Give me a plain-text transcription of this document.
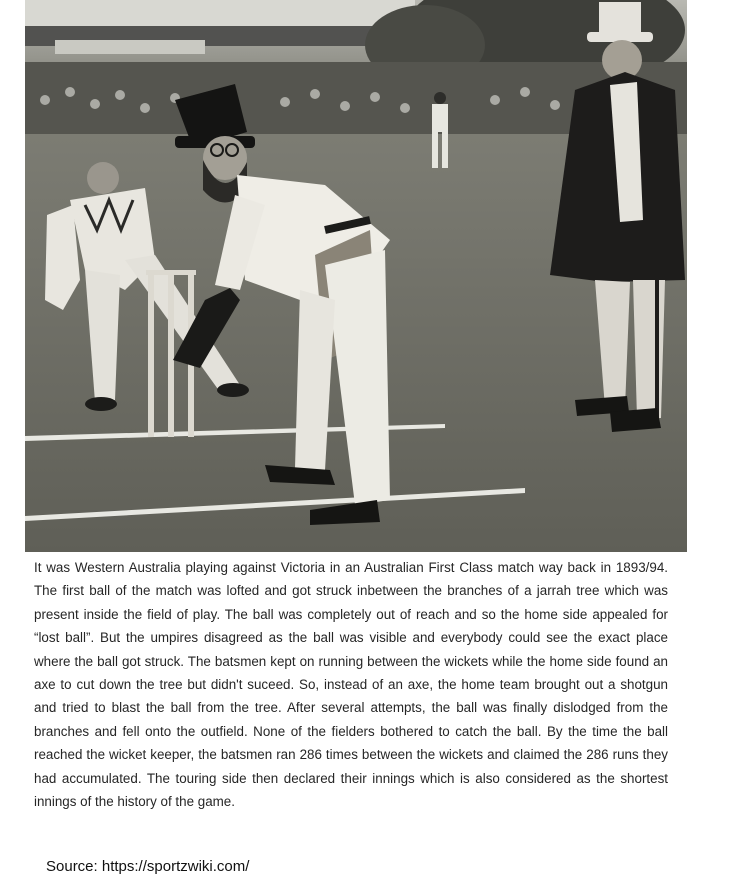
It was Western Australia playing against Victoria in an Australian First Class match way back in 1893/94. The first ball of the match was lofted and got struck inbetween the branches of a jarrah tree which was present inside the field of play. The ball was completely out of reach and so the home side appealed for “lost ball”. But the umpires disagreed as the ball was visible and everybody could see the exact place where the ball got struck. The batsmen kept on running between the wickets while the home side found an axe to cut down the tree but didn't suceed. So, instead of an axe, the home team brought out a shotgun and tried to blast the ball from the tree. After several attempts, the ball was finally dislodged from the branches and fell onto the outfield. None of the fielders bothered to catch the ball. By the time the ball reached the wicket keeper, the batsmen ran 286 times between the wickets and claimed the 286 runs they had accumulated. The touring side then declared their innings which is also considered as the shortest innings of the history of the game.

Source: https://sportzwiki.com/
